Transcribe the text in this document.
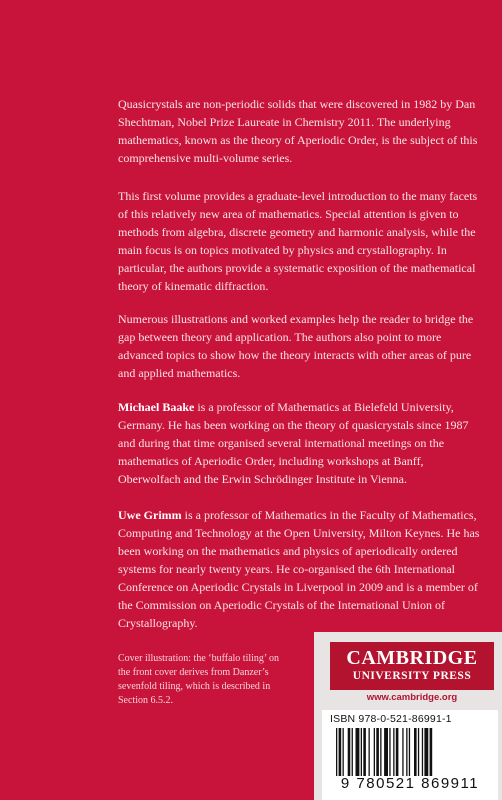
Quasicrystals are non-periodic solids that were discovered in 1982 by Dan Shechtman, Nobel Prize Laureate in Chemistry 2011. The underlying mathematics, known as the theory of Aperiodic Order, is the subject of this comprehensive multi-volume series.

This first volume provides a graduate-level introduction to the many facets of this relatively new area of mathematics. Special attention is given to methods from algebra, discrete geometry and harmonic analysis, while the main focus is on topics motivated by physics and crystallography. In particular, the authors provide a systematic exposition of the mathematical theory of kinematic diffraction.

Numerous illustrations and worked examples help the reader to bridge the gap between theory and application. The authors also point to more advanced topics to show how the theory interacts with other areas of pure and applied mathematics.

Michael Baake is a professor of Mathematics at Bielefeld University, Germany. He has been working on the theory of quasicrystals since 1987 and during that time organised several international meetings on the mathematics of Aperiodic Order, including workshops at Banff, Oberwolfach and the Erwin Schrödinger Institute in Vienna.

Uwe Grimm is a professor of Mathematics in the Faculty of Mathematics, Computing and Technology at the Open University, Milton Keynes. He has been working on the mathematics and physics of aperiodically ordered systems for nearly twenty years. He co-organised the 6th International Conference on Aperiodic Crystals in Liverpool in 2009 and is a member of the Commission on Aperiodic Crystals of the International Union of Crystallography.

Cover illustration: the ‘buffalo tiling’ on the front cover derives from Danzer’s sevenfold tiling, which is described in Section 6.5.2.

CAMBRIDGE
UNIVERSITY PRESS
www.cambridge.org
ISBN 978-0-521-86991-1
9 780521 869911
